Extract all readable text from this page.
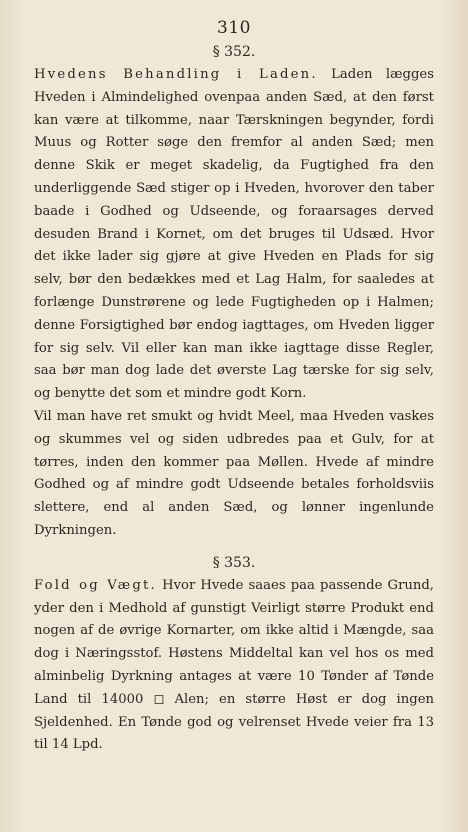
310
§ 352.

Hvedens Behandling i Laden. Laden lægges Hveden i Almindelighed ovenpaa anden Sæd, at den først kan være at tilkomme, naar Tærskningen begynder, fordi Muus og Rotter søge den fremfor al anden Sæd; men denne Skik er meget skadelig, da Fugtighed fra den underliggende Sæd stiger op i Hveden, hvorover den taber baade i Godhed og Udseende, og foraarsages derved desuden Brand i Kornet, om det bruges til Udsæd. Hvor det ikke lader sig gjøre at give Hveden en Plads for sig selv, bør den bedækkes med et Lag Halm, for saaledes at forlænge Dunstrørene og lede Fugtigheden op i Halmen; denne Forsigtighed bør endog iagttages, om Hveden ligger for sig selv. Vil eller kan man ikke iagttage disse Regler, saa bør man dog lade det øverste Lag tærske for sig selv, og benytte det som et mindre godt Korn.

Vil man have ret smukt og hvidt Meel, maa Hveden vaskes og skummes vel og siden udbredes paa et Gulv, for at tørres, inden den kommer paa Møllen. Hvede af mindre Godhed og af mindre godt Udseende betales forholdsviis slettere, end al anden Sæd, og lønner ingenlunde Dyrkningen.

§ 353.

Fold og Vægt. Hvor Hvede saaes paa passende Grund, yder den i Medhold af gunstigt Veirligt større Produkt end nogen af de øvrige Kornarter, om ikke altid i Mængde, saa dog i Næringsstof. Høstens Middeltal kan vel hos os med alminbelig Dyrkning antages at være 10 Tønder af Tønde Land til 14000 ◻ Alen; en større Høst er dog ingen Sjeldenhed. En Tønde god og velrenset Hvede veier fra 13 til 14 Lpd.
